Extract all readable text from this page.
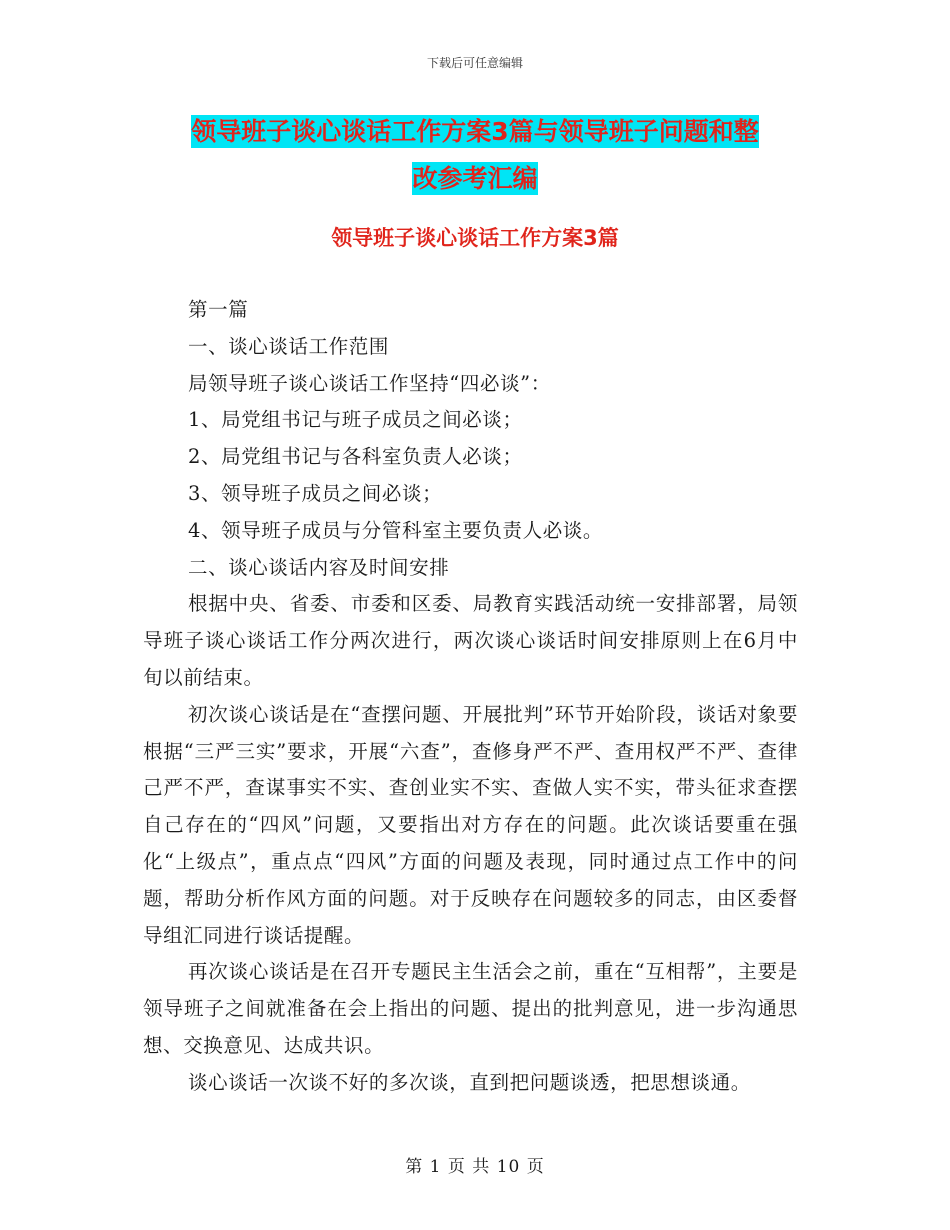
下载后可任意编辑
领导班子谈心谈话工作方案3篇与领导班子问题和整
改参考汇编
领导班子谈心谈话工作方案3篇

第一篇

一、谈心谈话工作范围

局领导班子谈心谈话工作坚持“四必谈”：

1、局党组书记与班子成员之间必谈；

2、局党组书记与各科室负责人必谈；

3、领导班子成员之间必谈；

4、领导班子成员与分管科室主要负责人必谈。

二、谈心谈话内容及时间安排

根据中央、省委、市委和区委、局教育实践活动统一安排部署，局领导班子谈心谈话工作分两次进行，两次谈心谈话时间安排原则上在6月中旬以前结束。

初次谈心谈话是在“查摆问题、开展批判”环节开始阶段，谈话对象要根据“三严三实”要求，开展“六查”，查修身严不严、查用权严不严、查律己严不严，查谋事实不实、查创业实不实、查做人实不实，带头征求查摆自己存在的“四风”问题，又要指出对方存在的问题。此次谈话要重在强化“上级点”，重点点“四风”方面的问题及表现，同时通过点工作中的问题，帮助分析作风方面的问题。对于反映存在问题较多的同志，由区委督导组汇同进行谈话提醒。

再次谈心谈话是在召开专题民主生活会之前，重在“互相帮”，主要是领导班子之间就准备在会上指出的问题、提出的批判意见，进一步沟通思想、交换意见、达成共识。

谈心谈话一次谈不好的多次谈，直到把问题谈透，把思想谈通。

第 1 页 共 10 页
